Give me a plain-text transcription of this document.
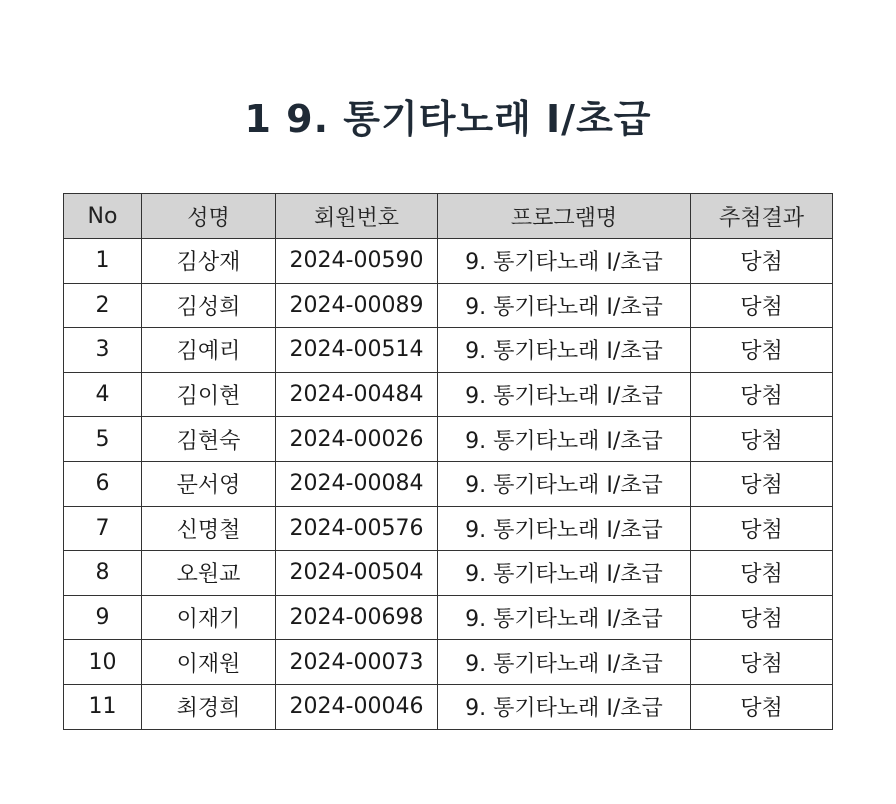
1 9. 통기타노래 I/초급
No	성명	회원번호	프로그램명	추첨결과
1	김상재	2024-00590	9. 통기타노래 I/초급	당첨
2	김성희	2024-00089	9. 통기타노래 I/초급	당첨
3	김예리	2024-00514	9. 통기타노래 I/초급	당첨
4	김이현	2024-00484	9. 통기타노래 I/초급	당첨
5	김현숙	2024-00026	9. 통기타노래 I/초급	당첨
6	문서영	2024-00084	9. 통기타노래 I/초급	당첨
7	신명철	2024-00576	9. 통기타노래 I/초급	당첨
8	오원교	2024-00504	9. 통기타노래 I/초급	당첨
9	이재기	2024-00698	9. 통기타노래 I/초급	당첨
10	이재원	2024-00073	9. 통기타노래 I/초급	당첨
11	최경희	2024-00046	9. 통기타노래 I/초급	당첨
